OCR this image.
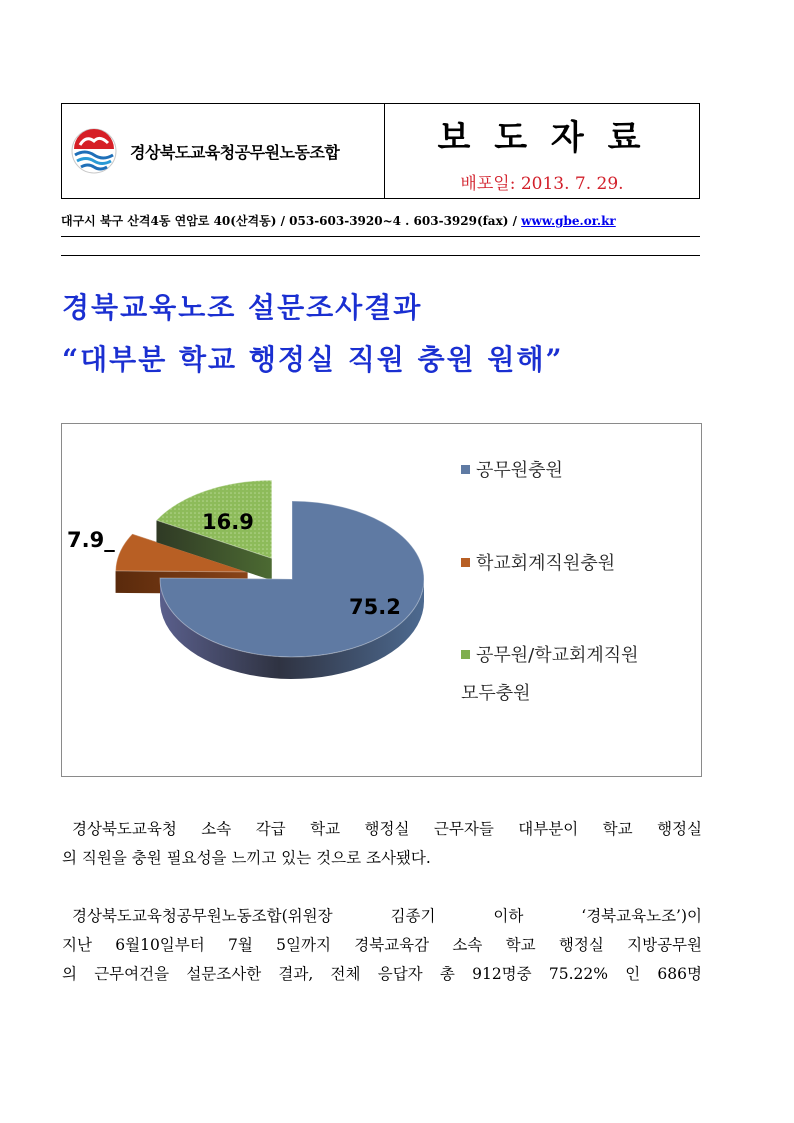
경상북도교육청공무원노동조합	보 도 자 료
배포일: 2013. 7. 29.
대구시 북구 산격4동 연암로 40(산격동) / 053-603-3920~4 . 603-3929(fax) / www.gbe.or.kr
경북교육노조 설문조사결과
“대부분 학교 행정실 직원 충원 원해”
75.2
7.9_
16.9
공무원충원
학교회계직원충원
공무원/학교회계직원
모두충원
경상북도교육청 소속 각급 학교 행정실 근무자들 대부분이 학교 행정실
의 직원을 충원 필요성을 느끼고 있는 것으로 조사됐다.
경상북도교육청공무원노동조합(위원장 김종기 이하 ‘경북교육노조’)이
지난 6월10일부터 7월 5일까지 경북교육감 소속 학교 행정실 지방공무원
의 근무여건을 설문조사한 결과, 전체 응답자 총 912명중 75.22% 인 686명
